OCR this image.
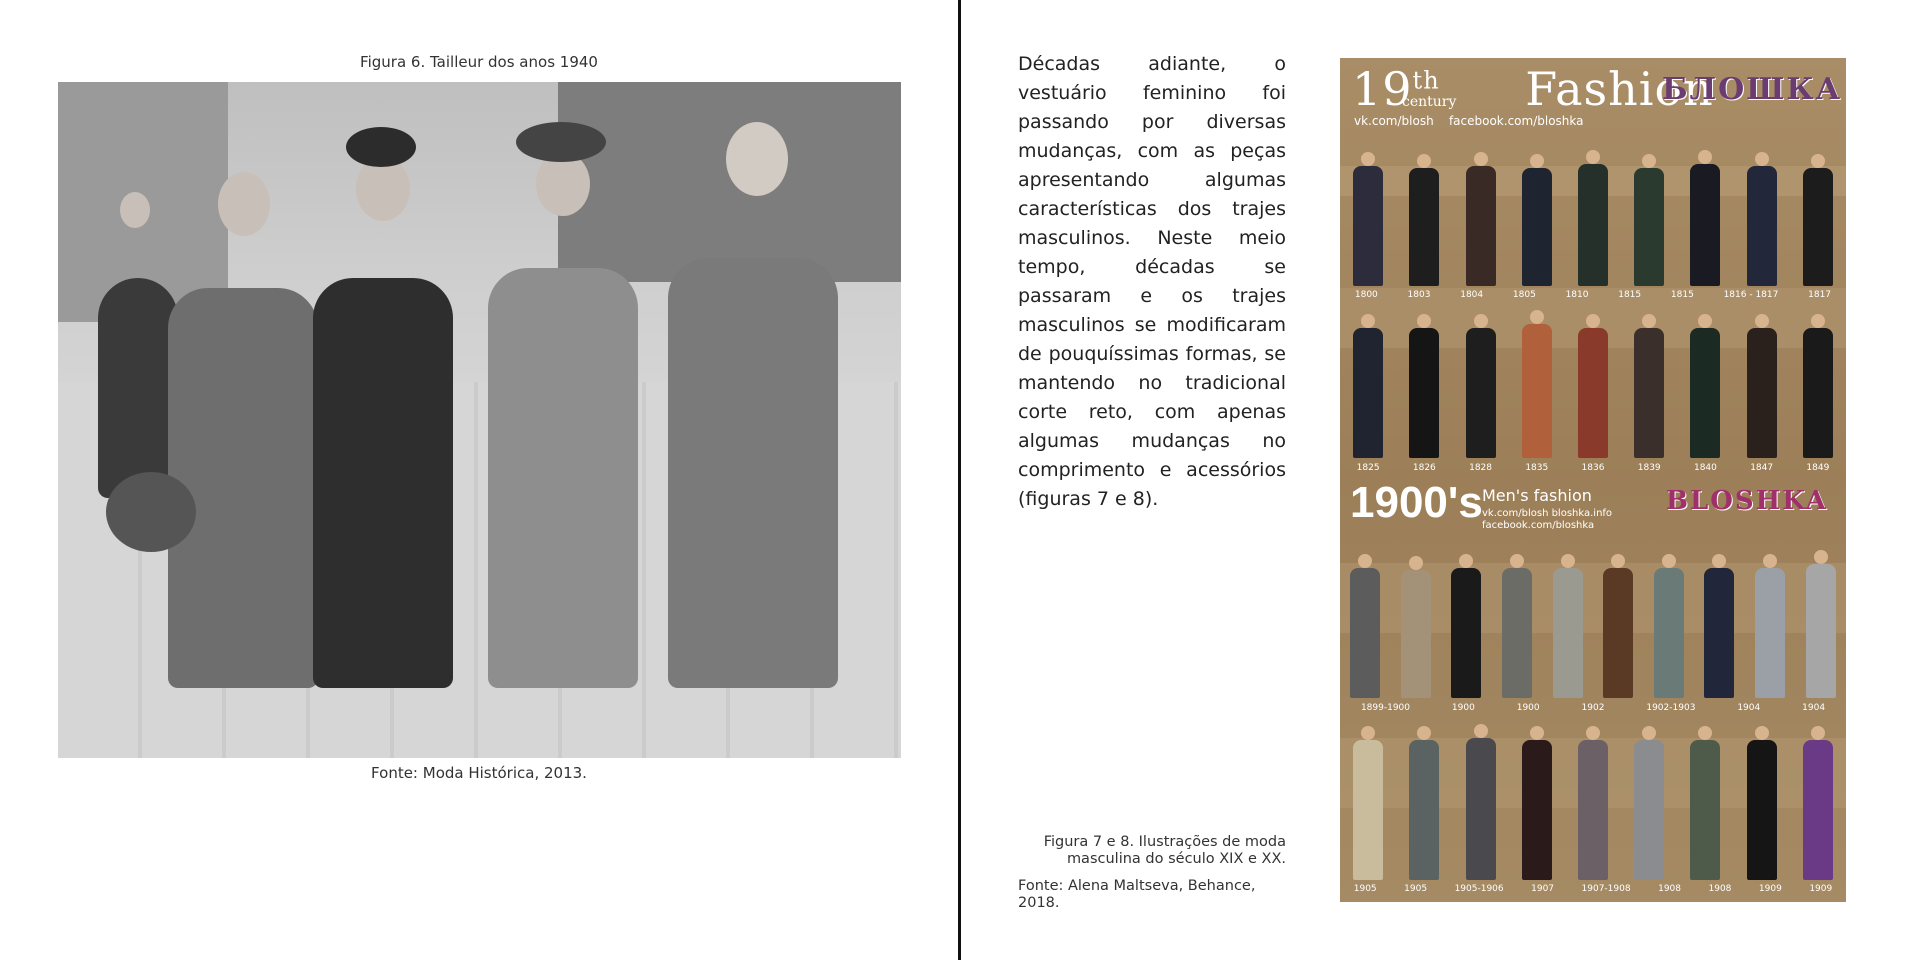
Figura 6. Tailleur dos anos 1940
Fonte: Moda Histórica, 2013.
Décadas adiante, o vestuário feminino foi passando por diversas mudanças, com as peças apresentando algumas características dos trajes masculinos. Neste meio tempo, décadas se passaram e os trajes masculinos se modificaram de pouquíssimas formas, se mantendo no tradicional corte reto, com apenas algumas mudanças no comprimento e acessórios (figuras 7 e 8).
19th Fashion
century
vk.com/blosh    facebook.com/bloshka
БЛОШКА
1800	1803	1804	1805	1810	1815	1815	1816 - 1817	1817
1825	1826	1828	1835	1836	1839	1840	1847	1849
1900's Men's fashion
vk.com/blosh bloshka.info
facebook.com/bloshka
BLOSHKA
1899-1900	1900	1900	1902	1902-1903	1904	1904
1905	1905	1905-1906	1907	1907-1908	1908	1908	1909	1909
Figura 7 e 8. Ilustrações de moda masculina do século XIX e XX.
Fonte: Alena Maltseva, Behance, 2018.
